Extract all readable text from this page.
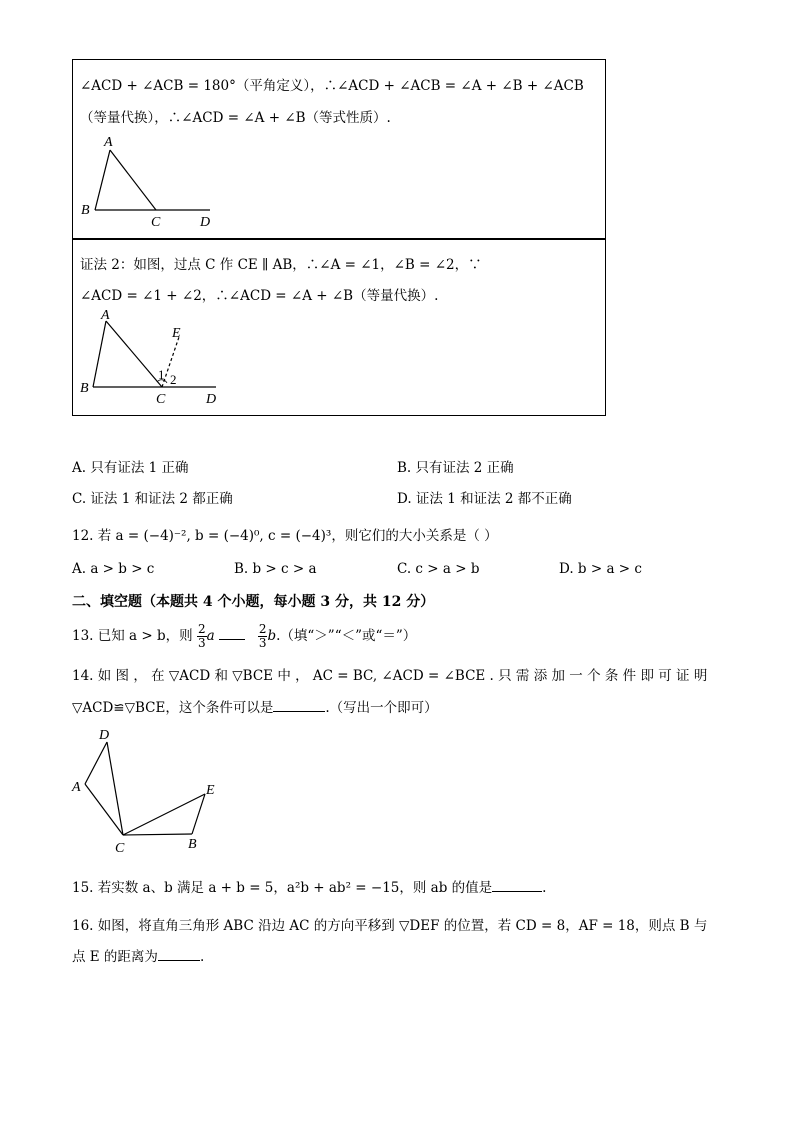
∠ACD + ∠ACB = 180°（平角定义），∴∠ACD + ∠ACB = ∠A + ∠B + ∠ACB
（等量代换），∴∠ACD = ∠A + ∠B（等式性质）.
A
B
C	D
证法 2：如图，过点 C 作 CE ∥ AB，∴∠A = ∠1，∠B = ∠2，∵
∠ACD = ∠1 + ∠2，∴∠ACD = ∠A + ∠B（等量代换）.
A
B
C	D
E
1 2
A. 只有证法 1 正确	B. 只有证法 2 正确
C. 证法 1 和证法 2 都正确	D. 证法 1 和证法 2 都不正确
12. 若 a = (−4)⁻², b = (−4)⁰, c = (−4)³，则它们的大小关系是（ ）
A. a > b > c	B. b > c > a	C. c > a > b	D. b > a > c
二、填空题（本题共 4 个小题，每小题 3 分，共 12 分）
13. 已知 a > b，则 $\frac{2}{3}$ a	$\frac{2}{3} b$.（填“＞”“＜”或“＝”）
14. 如 图 ， 在 ▽ACD 和 ▽BCE 中 ， AC = BC, ∠ACD = ∠BCE . 只 需 添 加 一 个 条 件 即 可 证 明
▽ACD≌▽BCE，这个条件可以是	.（写出一个即可）
D
A
C	B
E
15. 若实数 a、b 满足 a + b = 5，a²b + ab² = −15，则 ab 的值是	.
16. 如图，将直角三角形 ABC 沿边 AC 的方向平移到 ▽DEF 的位置，若 CD = 8，AF = 18，则点 B 与
点 E 的距离为	.
